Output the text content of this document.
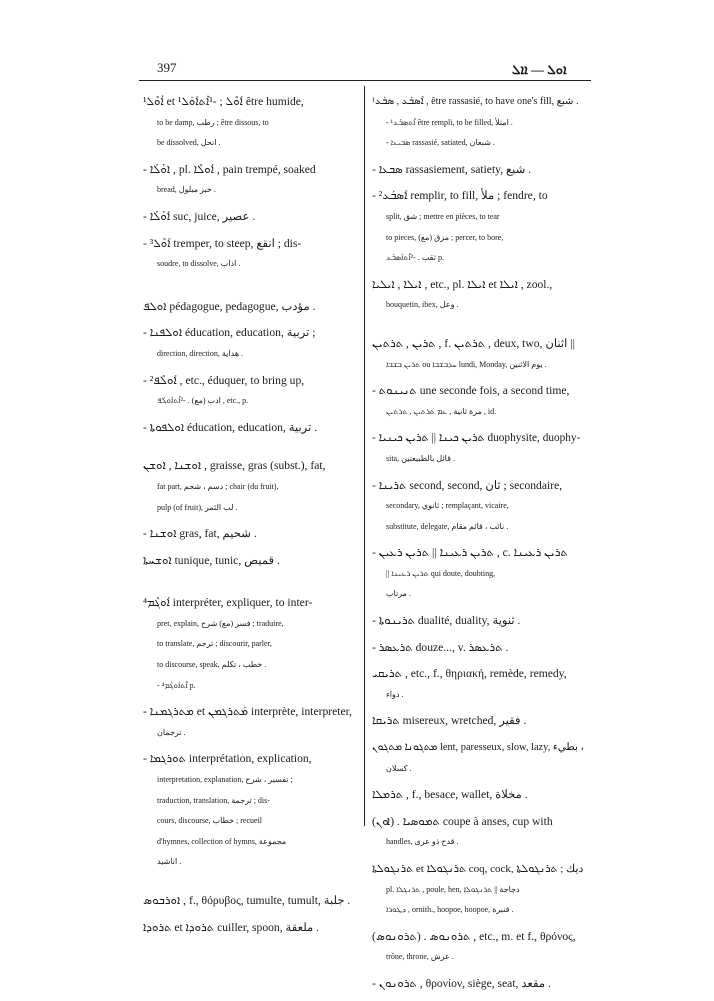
397	ܐܘܠ — ܐܐܠ
¹ܐܳܘܶܠ et ¹ܐܰܘܶܠ ; -¹ܐܶܬܐܰܘܰܠ être humide,
to be damp, رطب ; être dissous, to
be dissolved, انحل .
- ܐܘܳܠܳܐ , pl. ܐܰܘܠܶܐ , pain trempé, soaked
bread, خبز مبلول .
- ܐܰܘܳܠܳܐ suc, juice, عصير .
- ³ܐܰܘܶܠ tremper, to steep, انقع ; dis-
soudre, to dissolve, اذاب .
ܐܘܠܦ pédagogue, pedagogue, مؤدب .
- ܐܘܠܦܢܐ éducation, education, تربية ;
direction, direction, هداية .
- ²ܐܰܘܠܶܦ , etc., éduquer, to bring up,
ادب (مع) . -²ܐܶܬܐܰܘܠܰܦ , etc., p.
- ܐܘܠܦܘܬܐ éducation, education, تربية .
ܐܘܫܢܐ , ܐܘܫܢ , graisse, gras (subst.), fat,
fat part, دسم ، شحم ; chair (du fruit),
pulp (of fruit), لب الثمر .
- ܐܘܫܢܐ gras, fat, شحيم .
ܐܘܫܚܬܐ tunique, tunic, قميص .
⁴ܐܰܘܓܶܡ interpréter, expliquer, to inter-
pret, explain, فسر (مع) شرح ; traduire,
to translate, ترجم ; discourir, parler,
to discourse, speak, خطب ، تكلم .
- ⁴ܐܶܬܐܰܘܓܰܡ p.
- ܡܬܪܓܡܢܐ et ܡܰܬܪܓܡܢ interprète, interpreter,
ترجمان .
- ܬܘܪܓܡܐ interprétation, explication,
interpretation, explanation, تفسير ، شرح ;
traduction, translation, ترجمة ; dis-
cours, discourse, خطاب ; recueil
d'hymnes, collection of hymns, مجموعة
اناشيد .
ܐܘܪܒܘܣ , f., θόρυβος, tumulte, tumult, جلبة .
ܬܪܘܕܐ et ܬܪܘܕܐ cuiller, spoon, ملعقة .
¹ܐܶܣܒܰܥ , ܣܒܰܥ , être rassasié, to have one's fill, شبع .
- ¹ܐܶܬܣܒܰܥ être rempli, to be filled, امتلأ .
- ܣܒܝܥܐ rassasié, satiated, شبعان .
- ܣܒܥܐ rassasiement, satiety, شبع .
- ²ܐܰܣܒܰܥ remplir, to fill, ملأ ; fendre, to
split, شق ; mettre en pièces, to tear
to pieces, مزق (مع) ; percer, to bore,
ثقب . -²ܐܶܬܐܰܣܒܰܥ p.
ܐܝܠܐ , ܐܝܠܝܐ , etc., pl. ܐܝܠܐ et ܐܝܠܐ , zool.,
bouquetin, ibex, وعل .
ܬܪܝܢ , ܬܪܬܝܢ , f. ܬܪܬܝܢ , deux, two, اثنان ||
ܬܪܝܢ ܒܫܒܐ ou ܚܕܒܫܒܐ lundi, Monday, يوم الاثنين .
- ܬܢܝܢܘܬ une seconde fois, a second time,
مرة ثانية , ܥܡ ܬܪܬܝܢ , ܬܪܬܝܢ , id.
- ܬܪܝܢ ܟܝܢܐ || ܬܪܝܢ ܟܝܢܝܐ duophysite, duophy-
sita, قائل بالطبيعتين .
- ܬܪܝܢܐ second, second, ثان ; secondaire,
secondary, ثانوي ; remplaçant, vicaire,
substitute, delegate, نائب ، قائم مقام .
- ܬܪܝܢ ܪܥܝܢܐ || ܬܪܝܢ ܪܥܝܢ , c. ܬܪܝܢ ܪܥܝܢܐ
|| ܬܪܝܢ ܪܥܝܢܐ qui doute, doubting,
مرتاب .
- ܬܪܝܢܘܬܐ dualité, duality, ثنوية .
- ܬܪܥܣܪ douze..., v. ܬܪܥܣܪ .
ܬܪܝܩܝ , etc., f., θηριακή, remède, remedy,
دواء .
ܬܪܝܩܐ misereux, wretched, فقير .
ܡܬܓܘܢܐ ܡܬܓܘܢ lent, paresseux, slow, lazy, بطيء ،
كسلان .
ܬܪܡܠܐ , f., besace, wallet, مخلاة .
(ܐܘܢ) . ܬܡܘܣܝܐ coupe à anses, cup with
handles, قدح ذو عرى .
ܬܪܢܓܘܠܬܐ et ܬܪܢܓܘܠܐ coq, cock, ديك ; ܬܪܢܓܘܠܬܐ
pl. ܬܪܢܓܠܐ , poule, hen, دجاجة || ܬܪܢܓܘܠܐ
ܕܛܘܪܐ , ornith., hoopoe, hoopoe, قنبرة .
(ܬܪܘܢܘܣ) . ܬܪܘܢܘܣ , etc., m. et f., θρόνος,
trône, throne, عرش .
- ܬܪܘܢܘܢ , θρονίον, siège, seat, مقعد .
